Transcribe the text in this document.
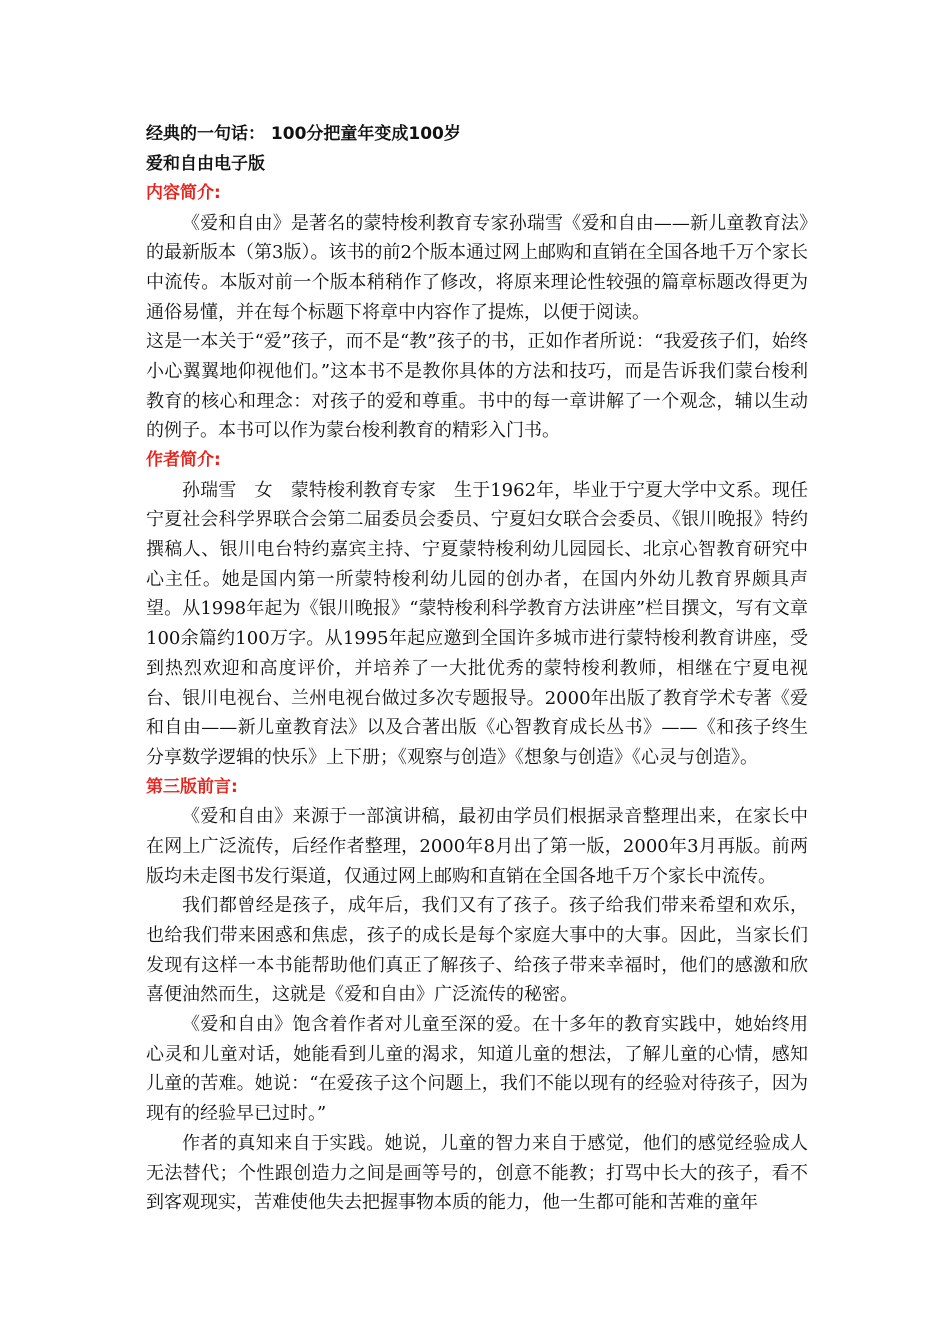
经典的一句话： 100分把童年变成100岁

爱和自由电子版

内容简介:

《爱和自由》是著名的蒙特梭利教育专家孙瑞雪《爱和自由——新儿童教育法》的最新版本（第3版）。该书的前2个版本通过网上邮购和直销在全国各地千万个家长中流传。本版对前一个版本稍稍作了修改，将原来理论性较强的篇章标题改得更为通俗易懂，并在每个标题下将章中内容作了提炼，以便于阅读。

这是一本关于“爱”孩子，而不是“教”孩子的书，正如作者所说：“我爱孩子们，始终小心翼翼地仰视他们。”这本书不是教你具体的方法和技巧，而是告诉我们蒙台梭利教育的核心和理念：对孩子的爱和尊重。书中的每一章讲解了一个观念，辅以生动的例子。本书可以作为蒙台梭利教育的精彩入门书。

作者简介:

孙瑞雪　女　蒙特梭利教育专家　生于1962年，毕业于宁夏大学中文系。现任宁夏社会科学界联合会第二届委员会委员、宁夏妇女联合会委员、《银川晚报》特约撰稿人、银川电台特约嘉宾主持、宁夏蒙特梭利幼儿园园长、北京心智教育研究中心主任。她是国内第一所蒙特梭利幼儿园的创办者，在国内外幼儿教育界颇具声望。从1998年起为《银川晚报》“蒙特梭利科学教育方法讲座”栏目撰文，写有文章100余篇约100万字。从1995年起应邀到全国许多城市进行蒙特梭利教育讲座，受到热烈欢迎和高度评价，并培养了一大批优秀的蒙特梭利教师，相继在宁夏电视台、银川电视台、兰州电视台做过多次专题报导。2000年出版了教育学术专著《爱和自由——新儿童教育法》以及合著出版《心智教育成长丛书》——《和孩子终生分享数学逻辑的快乐》上下册；《观察与创造》《想象与创造》《心灵与创造》。

第三版前言:

《爱和自由》来源于一部演讲稿，最初由学员们根据录音整理出来，在家长中在网上广泛流传，后经作者整理，2000年8月出了第一版，2000年3月再版。前两版均未走图书发行渠道，仅通过网上邮购和直销在全国各地千万个家长中流传。

我们都曾经是孩子，成年后，我们又有了孩子。孩子给我们带来希望和欢乐，也给我们带来困惑和焦虑，孩子的成长是每个家庭大事中的大事。因此，当家长们发现有这样一本书能帮助他们真正了解孩子、给孩子带来幸福时，他们的感激和欣喜便油然而生，这就是《爱和自由》广泛流传的秘密。

《爱和自由》饱含着作者对儿童至深的爱。在十多年的教育实践中，她始终用心灵和儿童对话，她能看到儿童的渴求，知道儿童的想法，了解儿童的心情，感知儿童的苦难。她说：“在爱孩子这个问题上，我们不能以现有的经验对待孩子，因为现有的经验早已过时。”

作者的真知来自于实践。她说，儿童的智力来自于感觉，他们的感觉经验成人无法替代；个性跟创造力之间是画等号的，创意不能教；打骂中长大的孩子，看不到客观现实，苦难使他失去把握事物本质的能力，他一生都可能和苦难的童年
